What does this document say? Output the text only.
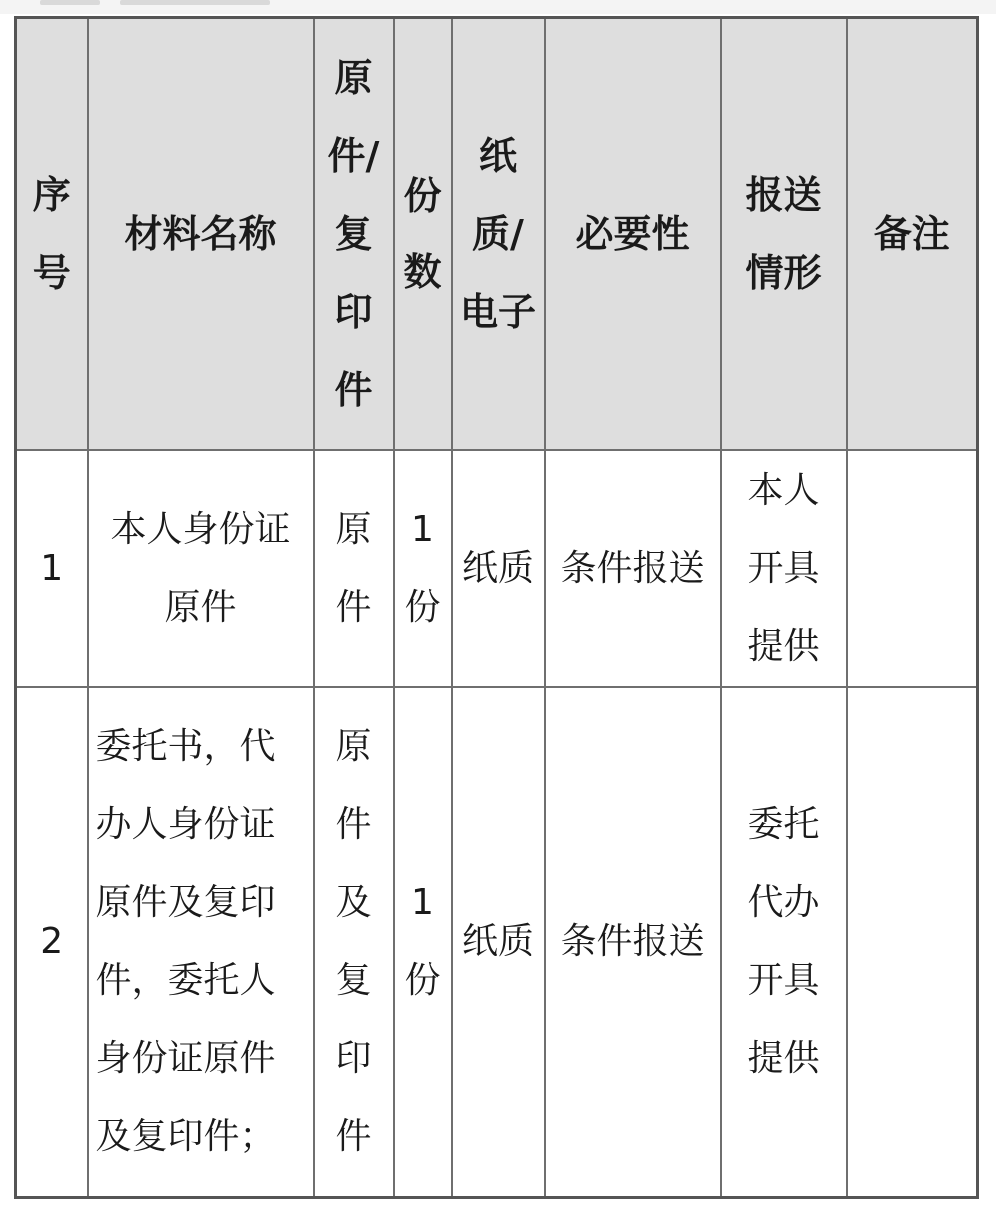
序号	材料名称	原件/复印件	份数	纸质/电子	必要性	报送情形	备注
1	本人身份证原件	原件	1份	纸质	条件报送	本人开具提供	
2	委托书，代办人身份证原件及复印件，委托人身份证原件及复印件；	原件及复印件	1份	纸质	条件报送	委托代办开具提供	
